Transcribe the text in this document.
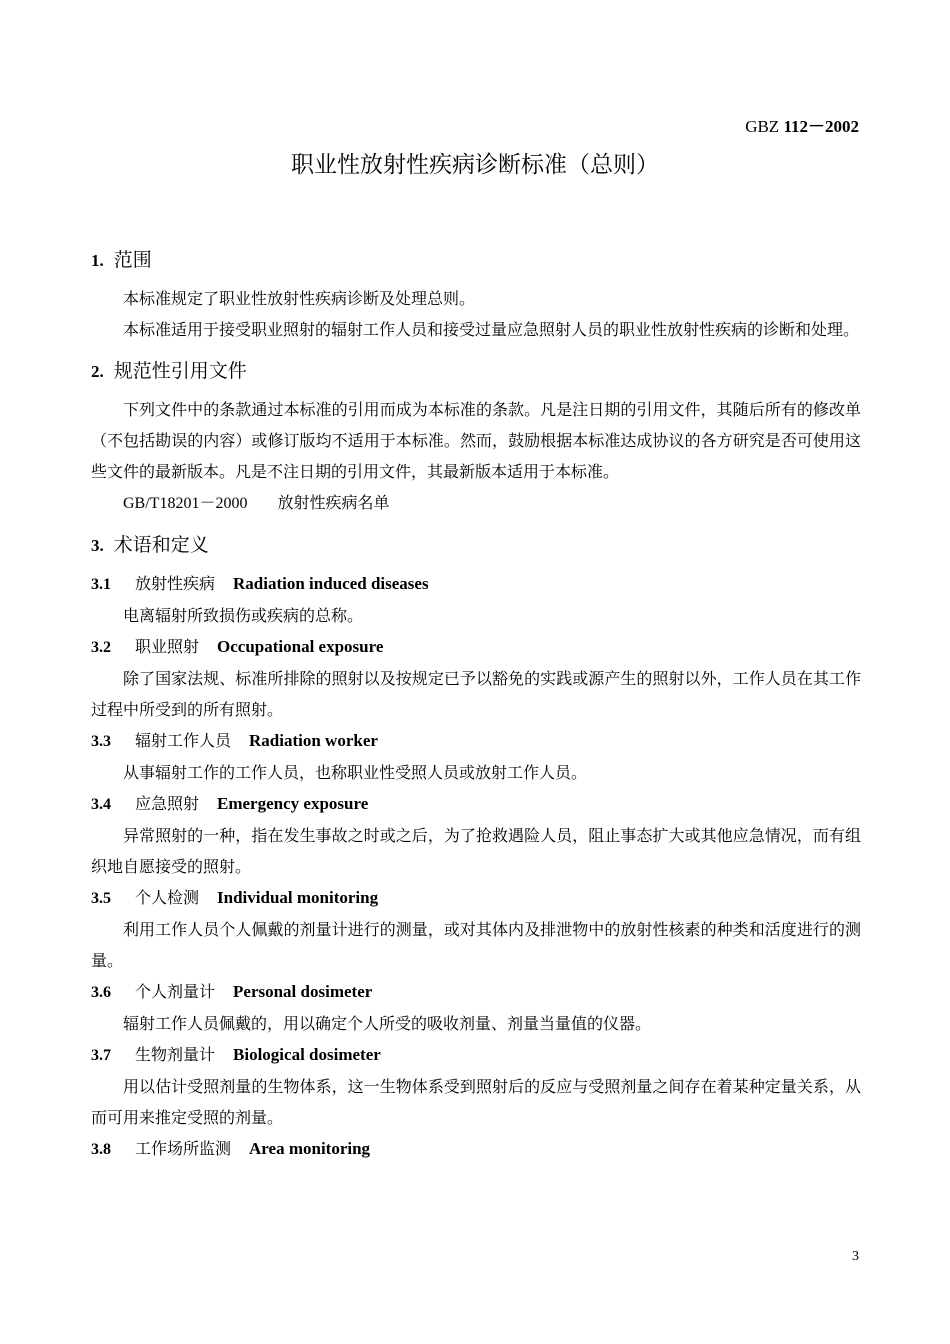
GBZ 112－2002
职业性放射性疾病诊断标准（总则）

1. 范围

本标准规定了职业性放射性疾病诊断及处理总则。

本标准适用于接受职业照射的辐射工作人员和接受过量应急照射人员的职业性放射性疾病的诊断和处理。

2. 规范性引用文件

下列文件中的条款通过本标准的引用而成为本标准的条款。凡是注日期的引用文件，其随后所有的修改单（不包括勘误的内容）或修订版均不适用于本标准。然而，鼓励根据本标准达成协议的各方研究是否可使用这些文件的最新版本。凡是不注日期的引用文件，其最新版本适用于本标准。

GB/T18201－2000 放射性疾病名单

3. 术语和定义

3.1 放射性疾病 Radiation induced diseases

电离辐射所致损伤或疾病的总称。

3.2 职业照射 Occupational exposure

除了国家法规、标准所排除的照射以及按规定已予以豁免的实践或源产生的照射以外，工作人员在其工作过程中所受到的所有照射。

3.3 辐射工作人员 Radiation worker

从事辐射工作的工作人员，也称职业性受照人员或放射工作人员。

3.4 应急照射 Emergency exposure

异常照射的一种，指在发生事故之时或之后，为了抢救遇险人员，阻止事态扩大或其他应急情况，而有组织地自愿接受的照射。

3.5 个人检测 Individual monitoring

利用工作人员个人佩戴的剂量计进行的测量，或对其体内及排泄物中的放射性核素的种类和活度进行的测量。

3.6 个人剂量计 Personal dosimeter

辐射工作人员佩戴的，用以确定个人所受的吸收剂量、剂量当量值的仪器。

3.7 生物剂量计 Biological dosimeter

用以估计受照剂量的生物体系，这一生物体系受到照射后的反应与受照剂量之间存在着某种定量关系，从而可用来推定受照的剂量。

3.8 工作场所监测 Area monitoring

3
